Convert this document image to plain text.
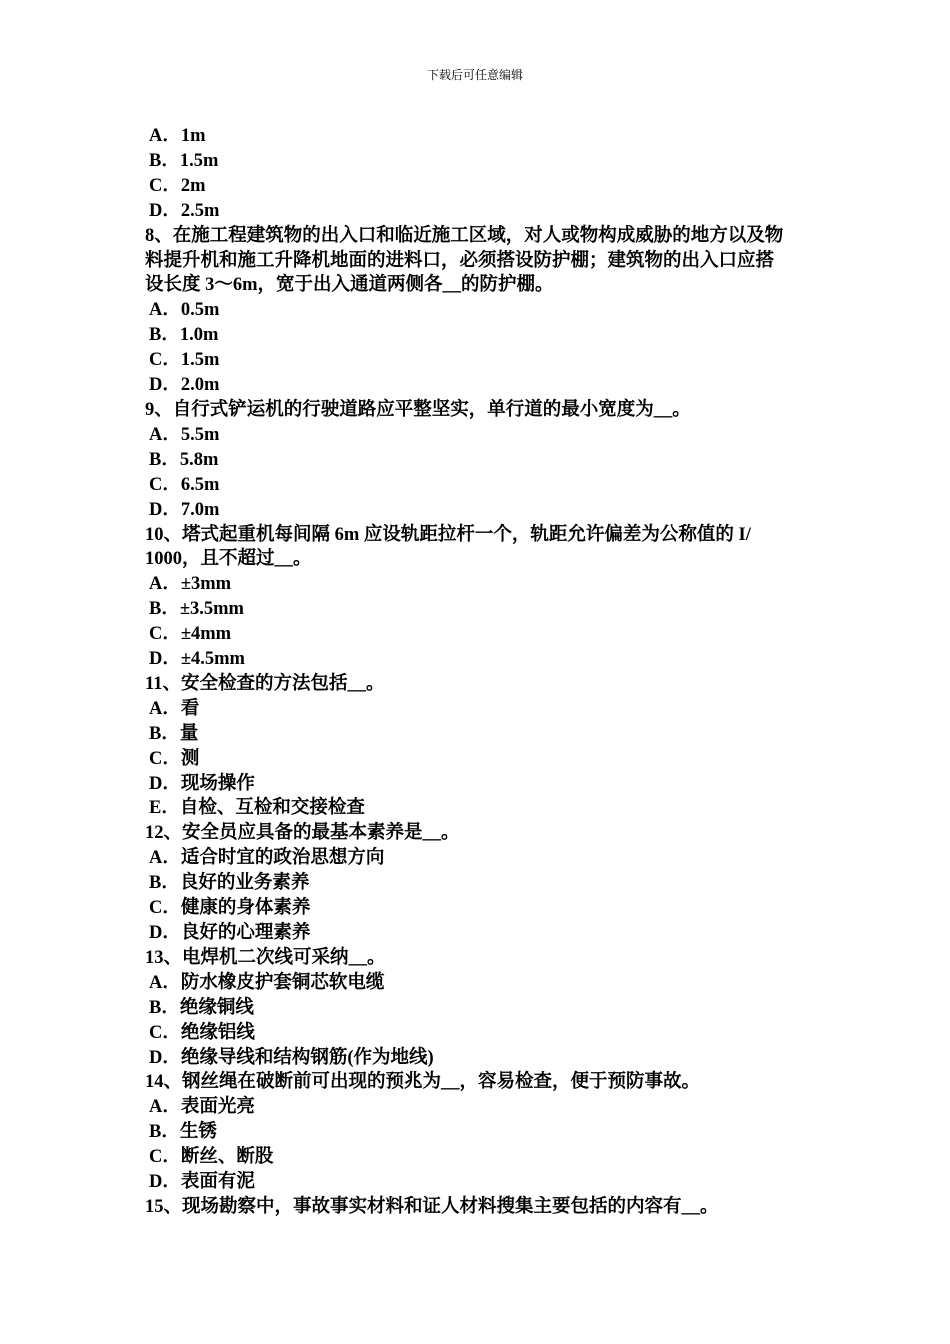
下载后可任意编辑
A．1m
B．1.5m
C．2m
D．2.5m
8、在施工程建筑物的出入口和临近施工区域，对人或物构成威胁的地方以及物
料提升机和施工升降机地面的进料口，必须搭设防护棚；建筑物的出入口应搭
设长度 3～6m，宽于出入通道两侧各__的防护棚。
A．0.5m
B．1.0m
C．1.5m
D．2.0m
9、自行式铲运机的行驶道路应平整坚实，单行道的最小宽度为__。
A．5.5m
B．5.8m
C．6.5m
D．7.0m
10、塔式起重机每间隔 6m 应设轨距拉杆一个，轨距允许偏差为公称值的 I/
1000，且不超过__。
A．±3mm
B．±3.5mm
C．±4mm
D．±4.5mm
11、安全检查的方法包括__。
A．看
B．量
C．测
D．现场操作
E．自检、互检和交接检查
12、安全员应具备的最基本素养是__。
A．适合时宜的政治思想方向
B．良好的业务素养
C．健康的身体素养
D．良好的心理素养
13、电焊机二次线可采纳__。
A．防水橡皮护套铜芯软电缆
B．绝缘铜线
C．绝缘铝线
D．绝缘导线和结构钢筋(作为地线)
14、钢丝绳在破断前可出现的预兆为__，容易检查，便于预防事故。
A．表面光亮
B．生锈
C．断丝、断股
D．表面有泥
15、现场勘察中，事故事实材料和证人材料搜集主要包括的内容有__。
